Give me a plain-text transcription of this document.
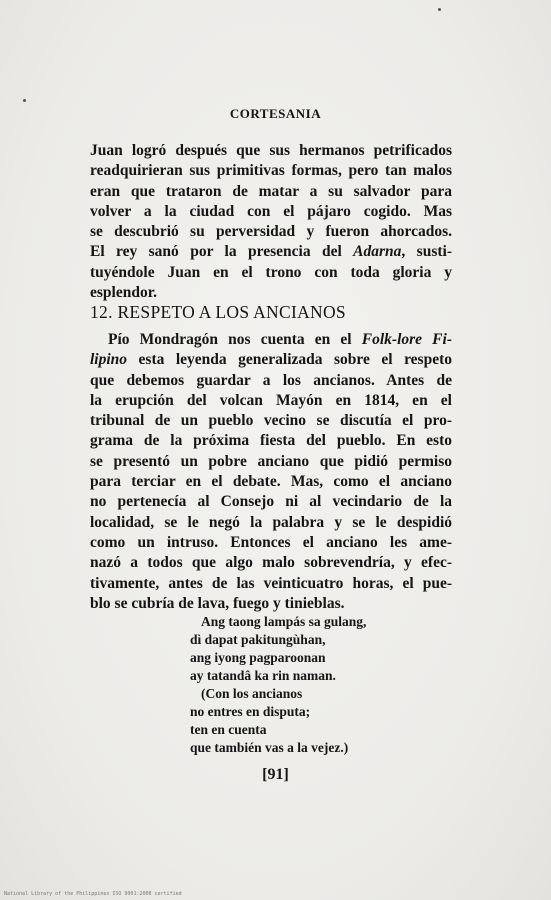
CORTESANIA

Juan logró después que sus hermanos petrificados
readquirieran sus primitivas formas, pero tan malos
eran que trataron de matar a su salvador para
volver a la ciudad con el pájaro cogido. Mas
se descubrió su perversidad y fueron ahorcados.
El rey sanó por la presencia del Adarna, susti-
tuyéndole Juan en el trono con toda gloria y
esplendor.

12. RESPETO A LOS ANCIANOS

Pío Mondragón nos cuenta en el Folk-lore Fi-
lipino esta leyenda generalizada sobre el respeto
que debemos guardar a los ancianos. Antes de
la erupción del volcan Mayón en 1814, en el
tribunal de un pueblo vecino se discutía el pro-
grama de la próxima fiesta del pueblo. En esto
se presentó un pobre anciano que pidió permiso
para terciar en el debate. Mas, como el anciano
no pertenecía al Consejo ni al vecindario de la
localidad, se le negó la palabra y se le despidió
como un intruso. Entonces el anciano les ame-
nazó a todos que algo malo sobrevendría, y efec-
tivamente, antes de las veinticuatro horas, el pue-
blo se cubría de lava, fuego y tinieblas.

Ang taong lampás sa gulang,
dì dapat pakitungùhan,
ang iyong pagparoonan
ay tatandâ ka rin naman.
(Con los ancianos
no entres en disputa;
ten en cuenta
que también vas a la vejez.)
[91]
National Library of the Philippines ISO 9001:2008 certified
